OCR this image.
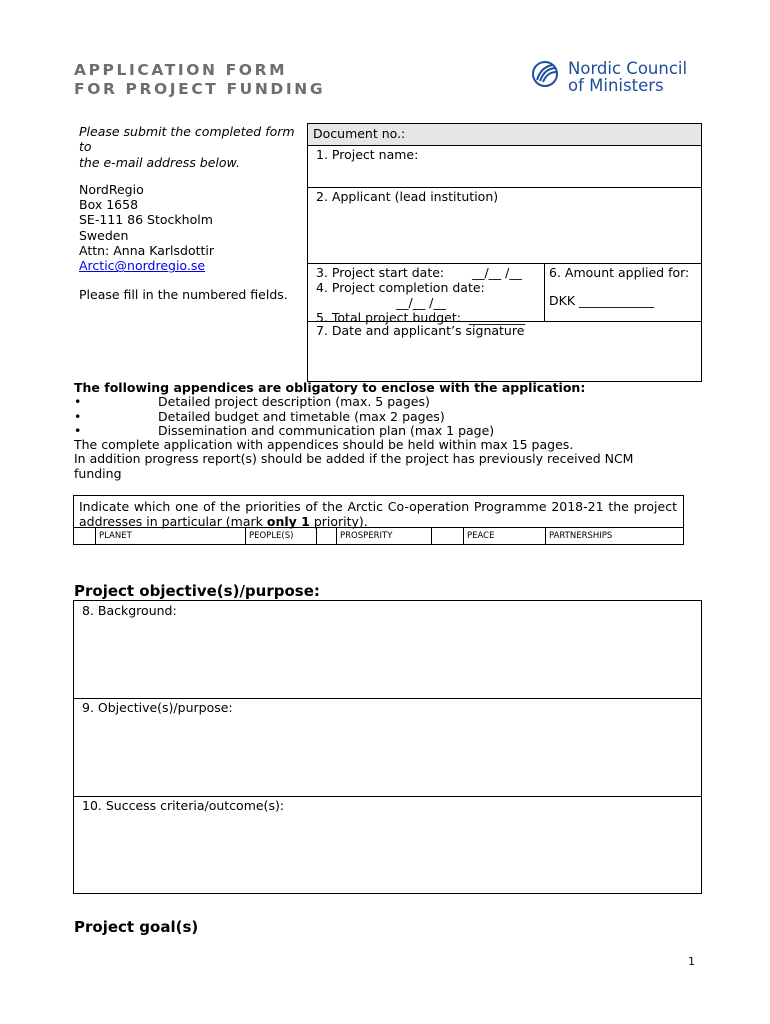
APPLICATION FORM
FOR PROJECT FUNDING
Nordic Council
of Ministers
Please submit the completed form
to
the e-mail address below.
NordRegio
Box 1658
SE-111 86 Stockholm
Sweden
Attn: Anna Karlsdottir
Arctic@nordregio.se
Please fill in the numbered fields.
Document no.:
1. Project name:
2. Applicant (lead institution)
3. Project start date:       __/__ /__
4. Project completion date:
__/__ /__
5. Total project budget:  _________
6. Amount applied for:
DKK ____________
7. Date and applicant’s signature
The following appendices are obligatory to enclose with the application:
•	Detailed project description (max. 5 pages)
•	Detailed budget and timetable (max 2 pages)
•	Dissemination and communication plan (max 1 page)
The complete application with appendices should be held within max 15 pages.
In addition progress report(s) should be added if the project has previously received NCM funding
Indicate which one of the priorities of the Arctic Co-operation Programme 2018-21 the project addresses in particular (mark only 1 priority).
PLANET	PEOPLE(S)	PROSPERITY	PEACE	PARTNERSHIPS
Project objective(s)/purpose:
8. Background:
9. Objective(s)/purpose:
10. Success criteria/outcome(s):
Project goal(s)
1
